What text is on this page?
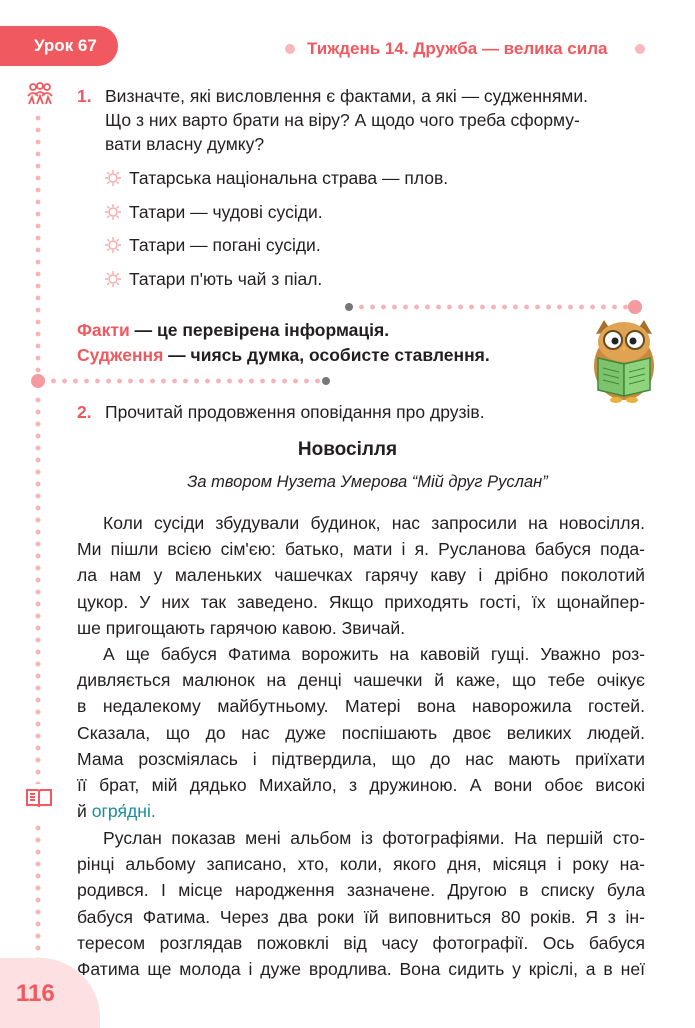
Урок 67	Тиждень 14. Дружба — велика сила
1. Визначте, які висловлення є фактами, а які — судженнями.
Що з них варто брати на віру? А щодо чого треба сформу-
вати власну думку?
Татарська національна страва — плов.
Татари — чудові сусіди.
Татари — погані сусіди.
Татари п'ють чай з піал.
Факти — це перевірена інформація.
Судження — чиясь думка, особисте ставлення.
2. Прочитай продовження оповідання про друзів.
Новосілля
За твором Нузета Умерова “Мій друг Руслан”
Коли сусіди збудували будинок, нас запросили на новосілля.
Ми пішли всією сім'єю: батько, мати і я. Русланова бабуся пода-
ла нам у маленьких чашечках гарячу каву і дрібно поколотий
цукор. У них так заведено. Якщо приходять гості, їх щонайпер-
ше пригощають гарячою кавою. Звичай.
А ще бабуся Фатима ворожить на кавовій гущі. Уважно роз-
дивляється малюнок на денці чашечки й каже, що тебе очікує
в недалекому майбутньому. Матері вона наворожила гостей.
Сказала, що до нас дуже поспішають двоє великих людей.
Мама розсміялась і підтвердила, що до нас мають приїхати
її брат, мій дядько Михайло, з дружиною. А вони обоє високі
й огря́дні.
Руслан показав мені альбом із фотографіями. На першій сто-
рінці альбому записано, хто, коли, якого дня, місяця і року на-
родився. І місце народження зазначене. Другою в списку була
бабуся Фатима. Через два роки їй виповниться 80 років. Я з ін-
тересом розглядав пожовклі від часу фотографії. Ось бабуся
Фатима ще молода і дуже вродлива. Вона сидить у кріслі, а в неї
116
